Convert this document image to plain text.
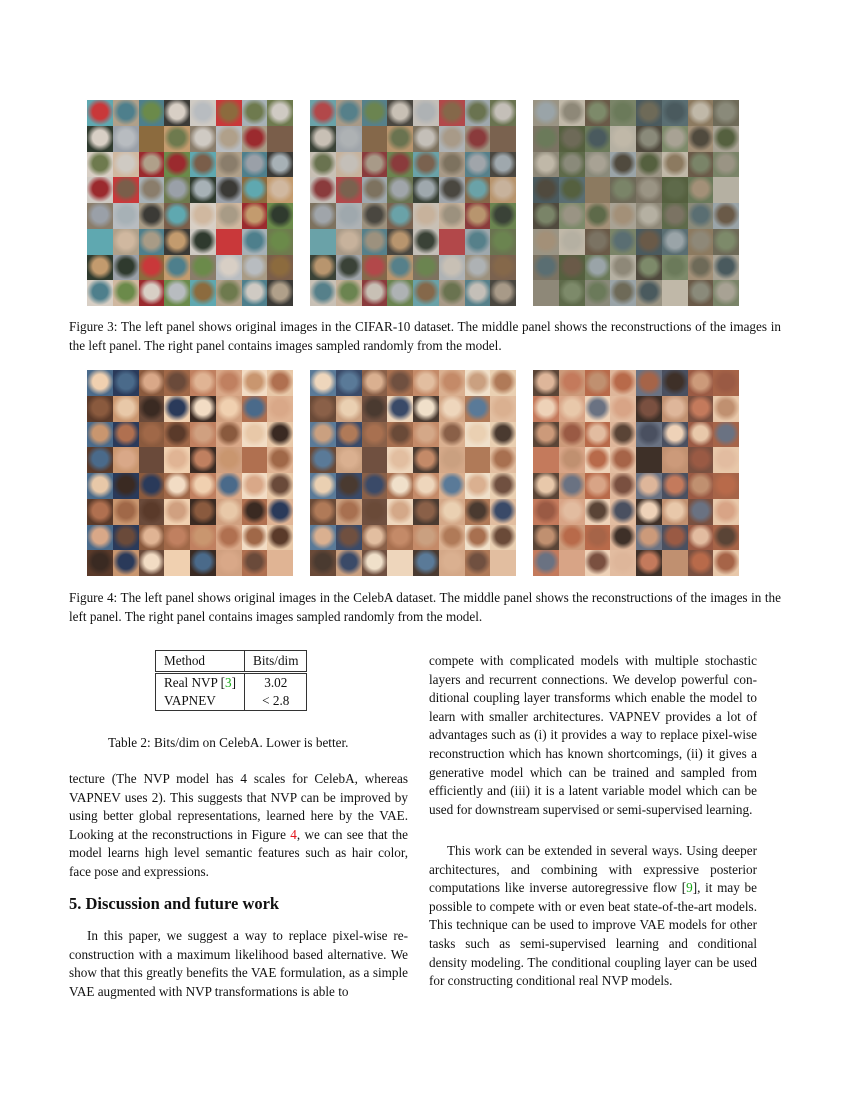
Figure 3: The left panel shows original images in the CIFAR-10 dataset. The middle panel shows the reconstructions of the images in the left panel. The right panel contains images sampled randomly from the model.
Figure 4: The left panel shows original images in the CelebA dataset. The middle panel shows the reconstructions of the images in the left panel. The right panel contains images sampled randomly from the model.
Method	Bits/dim

Real NVP [3]	3.02
VAPNEV	< 2.8
Table 2: Bits/dim on CelebA. Lower is better.

tecture (The NVP model has 4 scales for CelebA, whereas VAPNEV uses 2). This suggests that NVP can be improved by using better global representations, learned here by the VAE. Looking at the reconstructions in Figure 4, we can see that the model learns high level semantic features such as hair color, face pose and expressions.

5. Discussion and future work

In this paper, we suggest a way to replace pixel-wise reconstruction with a maximum likelihood based alternative. We show that this greatly benefits the VAE formulation, as a simple VAE augmented with NVP transformations is able to

compete with complicated models with multiple stochastic layers and recurrent connections. We develop powerful conditional coupling layer transforms which enable the model to learn with smaller architectures. VAPNEV provides a lot of advantages such as (i) it provides a way to replace pixel-wise reconstruction which has known shortcomings, (ii) it gives a generative model which can be trained and sampled from efficiently and (iii) it is a latent variable model which can be used for downstream supervised or semi-supervised learning.

This work can be extended in several ways. Using deeper architectures, and combining with expressive posterior computations like inverse autoregressive flow [9], it may be possible to compete with or even beat state-of-the-art models. This technique can be used to improve VAE models for other tasks such as semi-supervised learning and conditional density modeling. The conditional coupling layer can be used for constructing conditional real NVP models.
